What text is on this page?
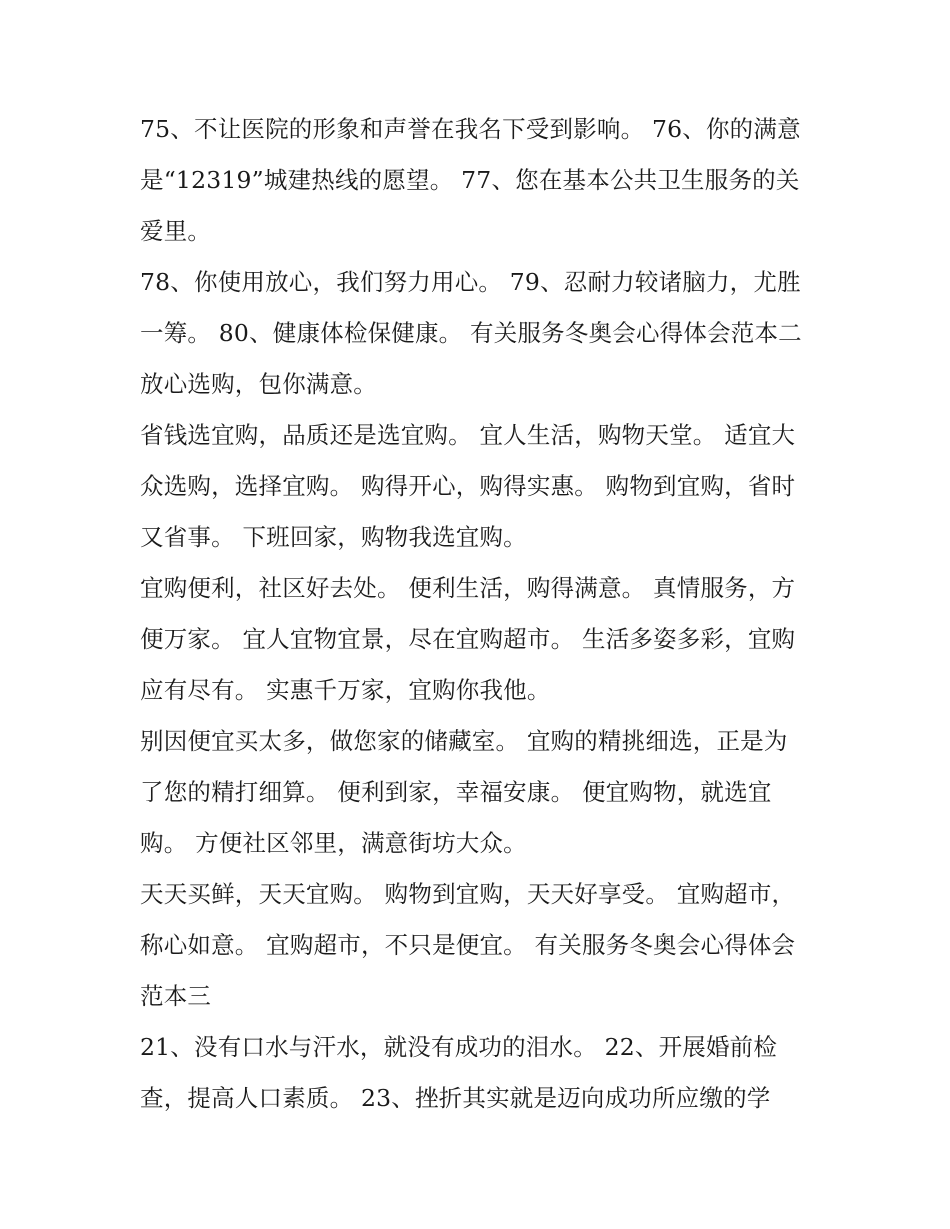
75、不让医院的形象和声誉在我名下受到影响。 76、你的满意是“12319”城建热线的愿望。 77、您在基本公共卫生服务的关爱里。

78、你使用放心，我们努力用心。 79、忍耐力较诸脑力，尤胜一筹。 80、健康体检保健康。 有关服务冬奥会心得体会范本二 放心选购，包你满意。

省钱选宜购，品质还是选宜购。 宜人生活，购物天堂。 适宜大众选购，选择宜购。 购得开心，购得实惠。 购物到宜购，省时又省事。 下班回家，购物我选宜购。

宜购便利，社区好去处。 便利生活，购得满意。 真情服务，方便万家。 宜人宜物宜景，尽在宜购超市。 生活多姿多彩，宜购应有尽有。 实惠千万家，宜购你我他。

别因便宜买太多，做您家的储藏室。 宜购的精挑细选，正是为了您的精打细算。 便利到家，幸福安康。 便宜购物，就选宜购。 方便社区邻里，满意街坊大众。

天天买鲜，天天宜购。 购物到宜购，天天好享受。 宜购超市，称心如意。 宜购超市，不只是便宜。 有关服务冬奥会心得体会范本三

21、没有口水与汗水，就没有成功的泪水。 22、开展婚前检查，提高人口素质。 23、挫折其实就是迈向成功所应缴的学
